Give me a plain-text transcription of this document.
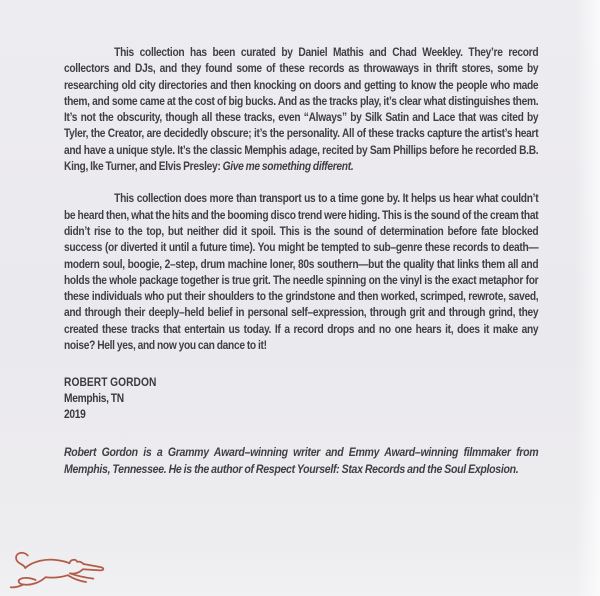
This collection has been curated by Daniel Mathis and Chad Weekley. They’re record collectors and DJs, and they found some of these records as throwaways in thrift stores, some by researching old city directories and then knocking on doors and getting to know the people who made them, and some came at the cost of big bucks. And as the tracks play, it’s clear what distinguishes them. It’s not the obscurity, though all these tracks, even “Always” by Silk Satin and Lace that was cited by Tyler, the Creator, are decidedly obscure; it’s the personality. All of these tracks capture the artist’s heart and have a unique style. It’s the classic Memphis adage, recited by Sam Phillips before he recorded B.B. King, Ike Turner, and Elvis Presley: Give me something different.

This collection does more than transport us to a time gone by. It helps us hear what couldn’t be heard then, what the hits and the booming disco trend were hiding. This is the sound of the cream that didn’t rise to the top, but neither did it spoil. This is the sound of determination before fate blocked success (or diverted it until a future time). You might be tempted to sub–genre these records to death—modern soul, boogie, 2–step, drum machine loner, 80s southern—but the quality that links them all and holds the whole package together is true grit. The needle spinning on the vinyl is the exact metaphor for these individuals who put their shoulders to the grindstone and then worked, scrimped, rewrote, saved, and through their deeply–held belief in personal self–expression, through grit and through grind, they created these tracks that entertain us today. If a record drops and no one hears it, does it make any noise? Hell yes, and now you can dance to it!

ROBERT GORDON
Memphis, TN
2019

Robert Gordon is a Grammy Award–winning writer and Emmy Award–winning filmmaker from Memphis, Tennessee. He is the author of Respect Yourself: Stax Records and the Soul Explosion.
